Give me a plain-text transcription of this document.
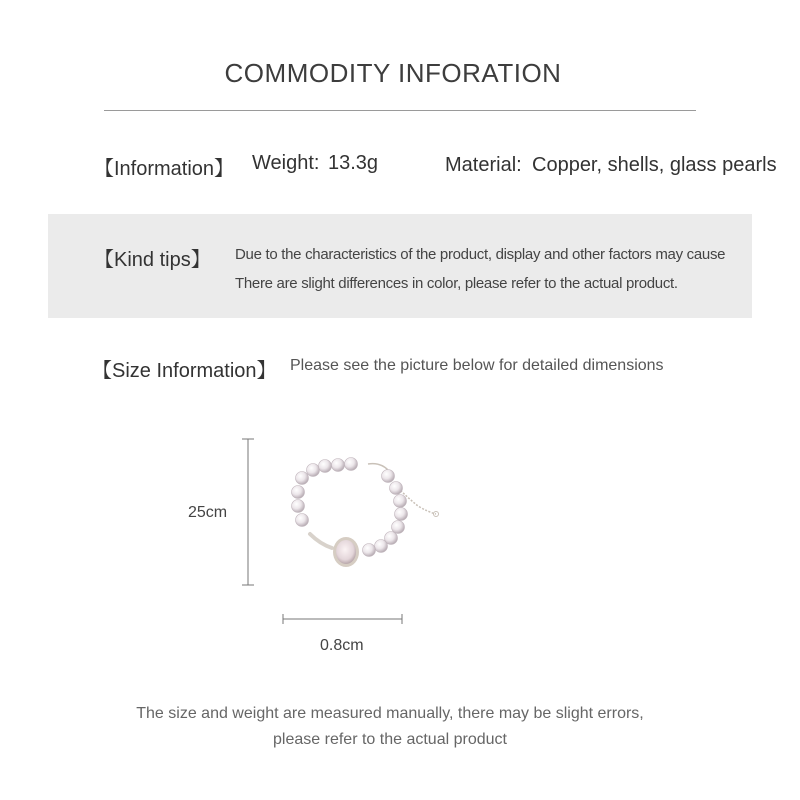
COMMODITY INFORATION
【Information】 Weight: 13.3g	Material: Copper, shells, glass pearls
【Kind tips】 Due to the characteristics of the product, display and other factors may cause
There are slight differences in color, please refer to the actual product.
【Size Information】 Please see the picture below for detailed dimensions
25cm
0.8cm
The size and weight are measured manually, there may be slight errors,
please refer to the actual product
